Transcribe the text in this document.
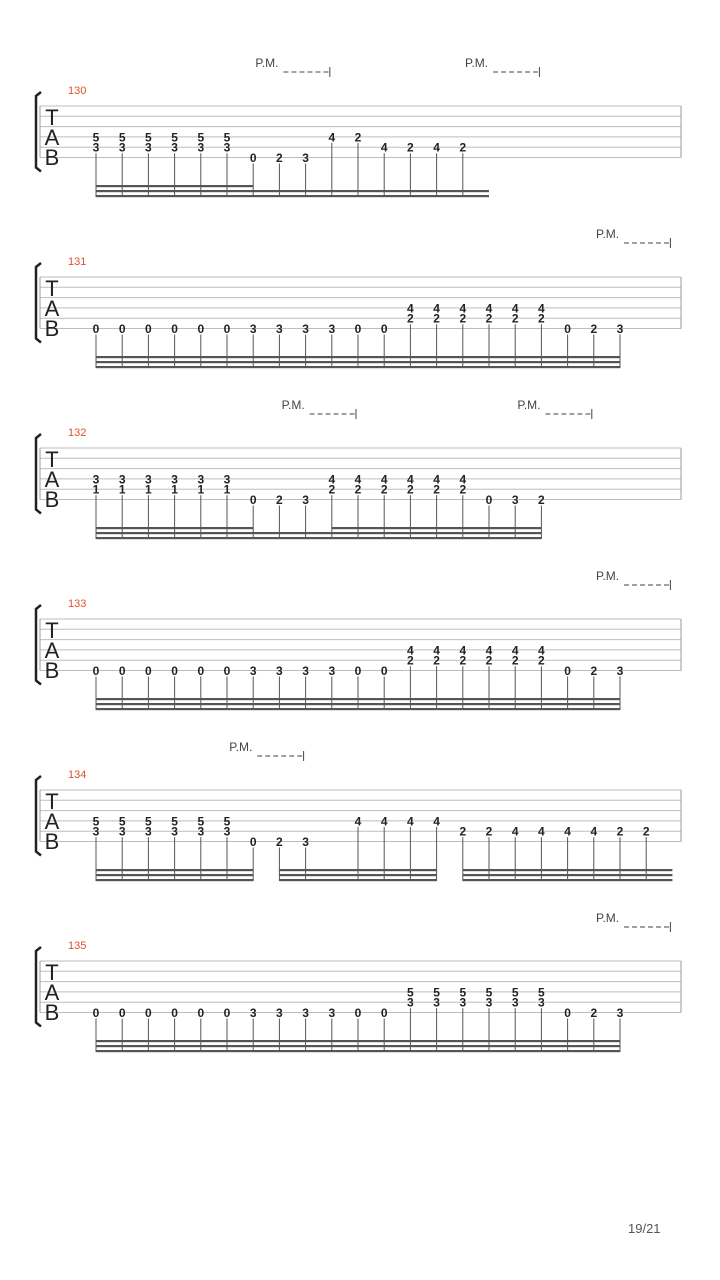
T
A
B
130
P.M.	P.M.
5
3
5
3
5
3
5
3
5
3
5
3
0 2 3
4 2
4 2 4 2
T
A
B
131
P.M.
0 0 0 0 0 0 3 3 3 3 0 0
4
2
4
2
4
2
4
2
4
2
4
2
0 2 3
T
A
B
132
P.M.	P.M.
3
1
3
1
3
1
3
1
3
1
3
1
0 2 3
4
2
4
2
4
2
4
2
4
2
4
2
0 3 2
T
A
B
133
P.M.
0 0 0 0 0 0 3 3 3 3 0 0
4
2
4
2
4
2
4
2
4
2
4
2
0 2 3
T
A
B
134
P.M.
5
3
5
3
5
3
5
3
5
3
5
3
0 2 3
4 4 4 4
2 2 4 4 4 4 2 2
T
A
B
135
P.M.
0 0 0 0 0 0 3 3 3 3 0 0
5
3
5
3
5
3
5
3
5
3
5
3
0 2 3
19/21
